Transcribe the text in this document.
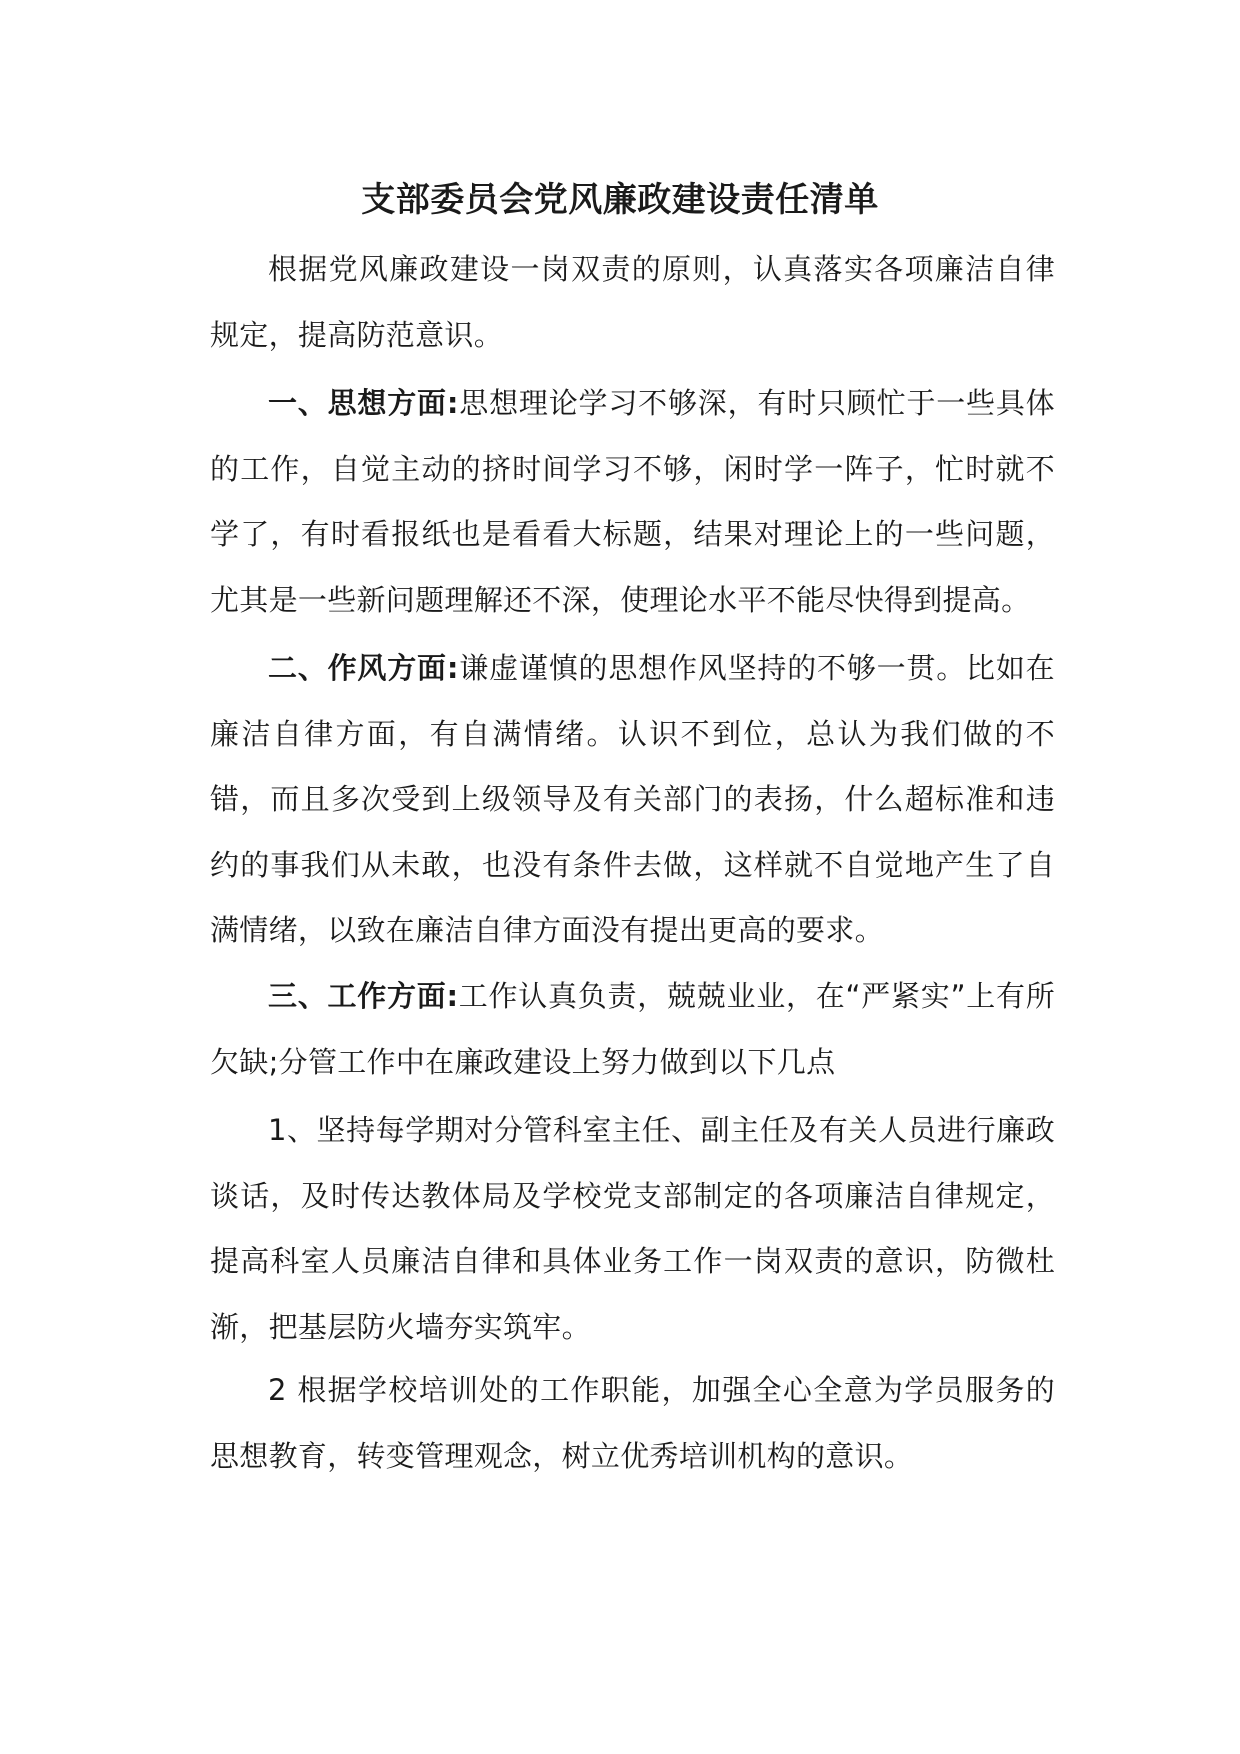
支部委员会党风廉政建设责任清单

根据党风廉政建设一岗双责的原则，认真落实各项廉洁自律规定，提高防范意识。

一、思想方面:思想理论学习不够深，有时只顾忙于一些具体的工作，自觉主动的挤时间学习不够，闲时学一阵子，忙时就不学了，有时看报纸也是看看大标题，结果对理论上的一些问题，尤其是一些新问题理解还不深，使理论水平不能尽快得到提高。

二、作风方面:谦虚谨慎的思想作风坚持的不够一贯。比如在廉洁自律方面，有自满情绪。认识不到位，总认为我们做的不错，而且多次受到上级领导及有关部门的表扬，什么超标准和违约的事我们从未敢，也没有条件去做，这样就不自觉地产生了自满情绪，以致在廉洁自律方面没有提出更高的要求。

三、工作方面:工作认真负责，兢兢业业，在“严紧实”上有所欠缺;分管工作中在廉政建设上努力做到以下几点

1、坚持每学期对分管科室主任、副主任及有关人员进行廉政谈话，及时传达教体局及学校党支部制定的各项廉洁自律规定，提高科室人员廉洁自律和具体业务工作一岗双责的意识，防微杜渐，把基层防火墙夯实筑牢。

2 根据学校培训处的工作职能，加强全心全意为学员服务的思想教育，转变管理观念，树立优秀培训机构的意识。
